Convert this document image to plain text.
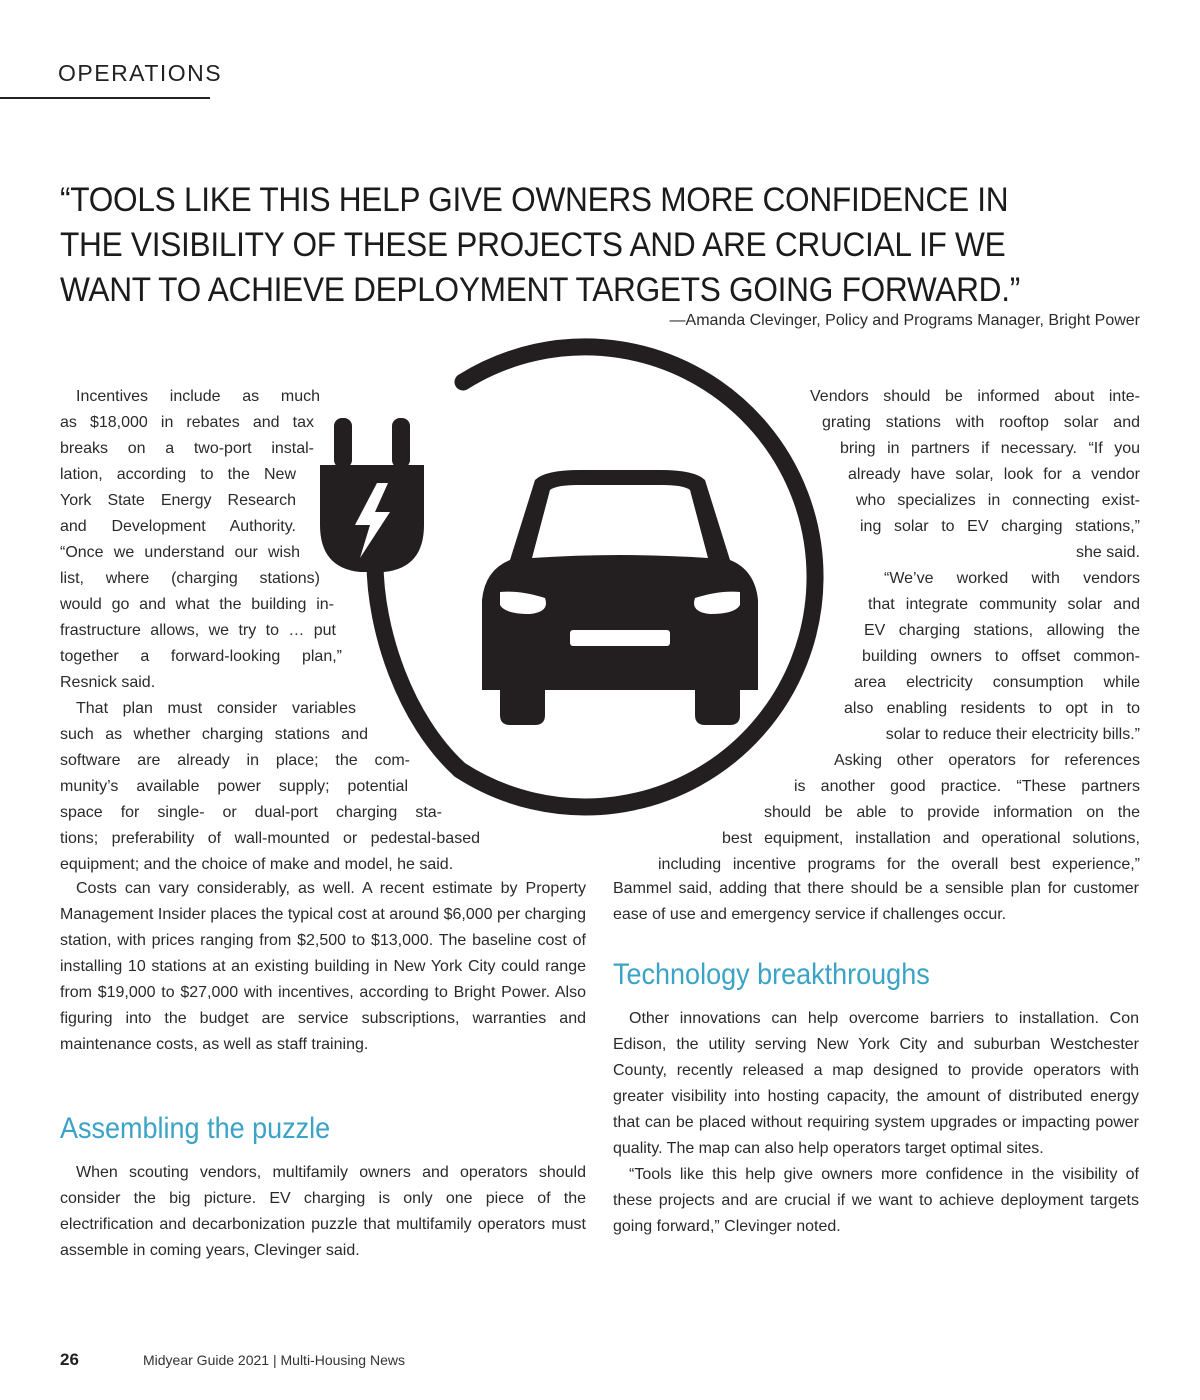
OPERATIONS
“TOOLS LIKE THIS HELP GIVE OWNERS MORE CONFIDENCE IN THE VISIBILITY OF THESE PROJECTS AND ARE CRUCIAL IF WE WANT TO ACHIEVE DEPLOYMENT TARGETS GOING FORWARD.”
—Amanda Clevinger, Policy and Programs Manager, Bright Power
Incentives include as much
as $18,000 in rebates and tax
breaks on a two-port instal-
lation, according to the New
York State Energy Research
and Development Authority.
“Once we understand our wish
list, where (charging stations)
would go and what the building in-
frastructure allows, we try to … put
together a forward-looking plan,”
Resnick said.
That plan must consider variables
such as whether charging stations and
software are already in place; the com-
munity’s available power supply; potential
space for single- or dual-port charging sta-
tions; preferability of wall-mounted or pedestal-based
equipment; and the choice of make and model, he said.

Costs can vary considerably, as well. A recent estimate by Property Management Insider places the typical cost at around $6,000 per charging station, with prices ranging from $2,500 to $13,000. The baseline cost of installing 10 stations at an existing building in New York City could range from $19,000 to $27,000 with incentives, according to Bright Power. Also figuring into the budget are service subscriptions, warranties and maintenance costs, as well as staff training.

Assembling the puzzle

When scouting vendors, multifamily owners and operators should consider the big picture. EV charging is only one piece of the electrification and decarbonization puzzle that multifamily operators must assemble in coming years, Clevinger said.

Vendors should be informed about inte-
grating stations with rooftop solar and
bring in partners if necessary. “If you
already have solar, look for a vendor
who specializes in connecting exist-
ing solar to EV charging stations,”
she said.
“We’ve worked with vendors
that integrate community solar and
EV charging stations, allowing the
building owners to offset common-
area electricity consumption while
also enabling residents to opt in to
solar to reduce their electricity bills.”
Asking other operators for references
is another good practice. “These partners
should be able to provide information on the
best equipment, installation and operational solutions,
including incentive programs for the overall best experience,”

Bammel said, adding that there should be a sensible plan for customer ease of use and emergency service if challenges occur.

Technology breakthroughs

Other innovations can help overcome barriers to installation. Con Edison, the utility serving New York City and suburban Westchester County, recently released a map designed to provide operators with greater visibility into hosting capacity, the amount of distributed energy that can be placed without requiring system upgrades or impacting power quality. The map can also help operators target optimal sites.

“Tools like this help give owners more confidence in the visibility of these projects and are crucial if we want to achieve deployment targets going forward,” Clevinger noted.

26	Midyear Guide 2021 | Multi-Housing News
